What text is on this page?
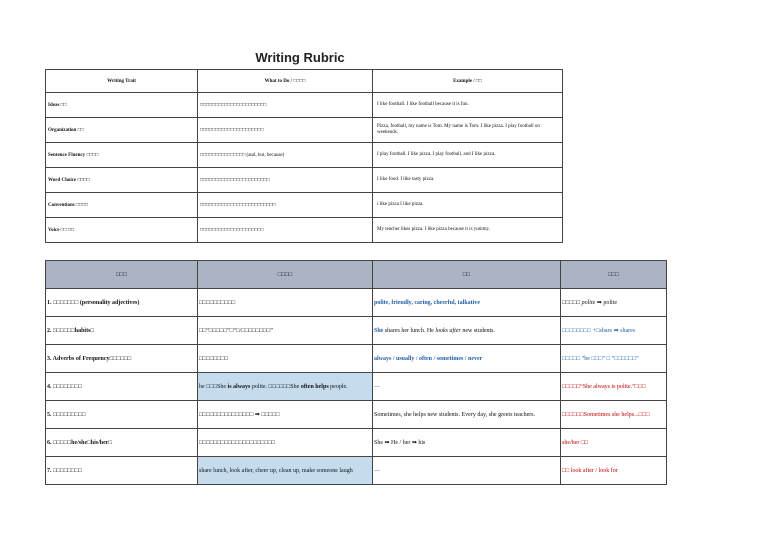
Writing Rubric
Writing Trait	What to Do / □□□□	Example / □□
Ideas □□	□□□□□□□□□□□□□□□□□□□□□□	I like football. I like football because it is fun.
Organization □□	□□□□□□□□□□□□□□□□□□□□□	Pizza, football, my name is Tom. My name is Tom. I like pizza. I play football on weekends.
Sentence Fluency □□□□	□□□□□□□□□□□□□□□ (and, but, because)	I play football. I like pizza. I play football, and I like pizza.
Word Choice □□□□	□□□□□□□□□□□□□□□□□□□□□□□	I like food. I like tasty pizza.
Conventions □□□□	□□□□□□□□□□□□□□□□□□□□□□□□□	i like pizza I like pizza.
Voice □□ □□	□□□□□□□□□□□□□□□□□□□□□	My teacher likes pizza. I like pizza because it is yummy.
□□□	□□□□	□□	□□□
1. □□□□□□□ (personality adjectives)	□□□□□□□□□□	polite, friendly, caring, cheerful, talkative	□□□□□ polite ➡ polite
2. □□□□□□habits□	□□“□□□□□”□“□/□□□□□□□□”	She shares her lunch. He looks after new students.	□□□□□□□□ +□share ➡ shares
3. Adverbs of Frequency□□□□□□	□□□□□□□□	always / usually / often / sometimes / never	□□□□□ “be □□□” □ “□□□□□□”
4. □□□□□□□□	be □□□She is always polite. □□□□□□She often helps people.	—	□□□□□“She always is polite.”□□□
5. □□□□□□□□□	□□□□□□□□□□□□□□□ ➡ □□□□□	Sometimes, she helps new students. Every day, she greets teachers.	□□□□□□Sometimes she helps...□□□
6. □□□□□he/she□his/her□	□□□□□□□□□□□□□□□□□□□□□	She ➡ He / her ➡ his	she/her □□
7. □□□□□□□□	share lunch, look after, cheer up, clean up, make someone laugh	—	□□ look after / look for
